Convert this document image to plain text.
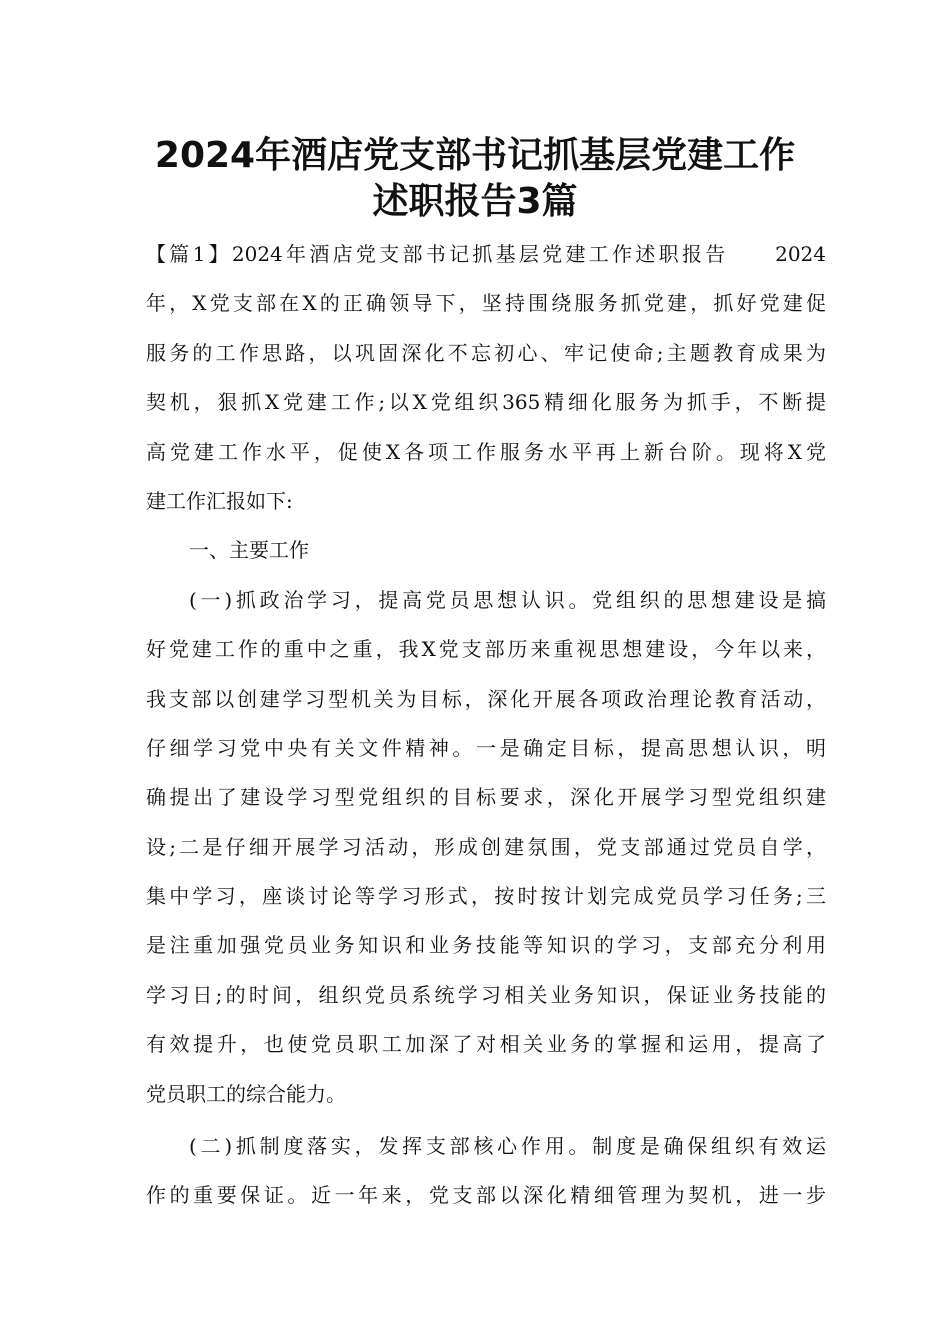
2024年酒店党支部书记抓基层党建工作
述职报告3篇
【篇1】2024年酒店党支部书记抓基层党建工作述职报告　　2024
年，X党支部在X的正确领导下，坚持围绕服务抓党建，抓好党建促
服务的工作思路，以巩固深化不忘初心、牢记使命;主题教育成果为
契机，狠抓X党建工作;以X党组织365精细化服务为抓手，不断提
高党建工作水平，促使X各项工作服务水平再上新台阶。现将X党
建工作汇报如下:
一、主要工作
(一)抓政治学习，提高党员思想认识。党组织的思想建设是搞
好党建工作的重中之重，我X党支部历来重视思想建设，今年以来，
我支部以创建学习型机关为目标，深化开展各项政治理论教育活动，
仔细学习党中央有关文件精神。一是确定目标，提高思想认识，明
确提出了建设学习型党组织的目标要求，深化开展学习型党组织建
设;二是仔细开展学习活动，形成创建氛围，党支部通过党员自学，
集中学习，座谈讨论等学习形式，按时按计划完成党员学习任务;三
是注重加强党员业务知识和业务技能等知识的学习，支部充分利用
学习日;的时间，组织党员系统学习相关业务知识，保证业务技能的
有效提升，也使党员职工加深了对相关业务的掌握和运用，提高了
党员职工的综合能力。
(二)抓制度落实，发挥支部核心作用。制度是确保组织有效运
作的重要保证。近一年来，党支部以深化精细管理为契机，进一步
